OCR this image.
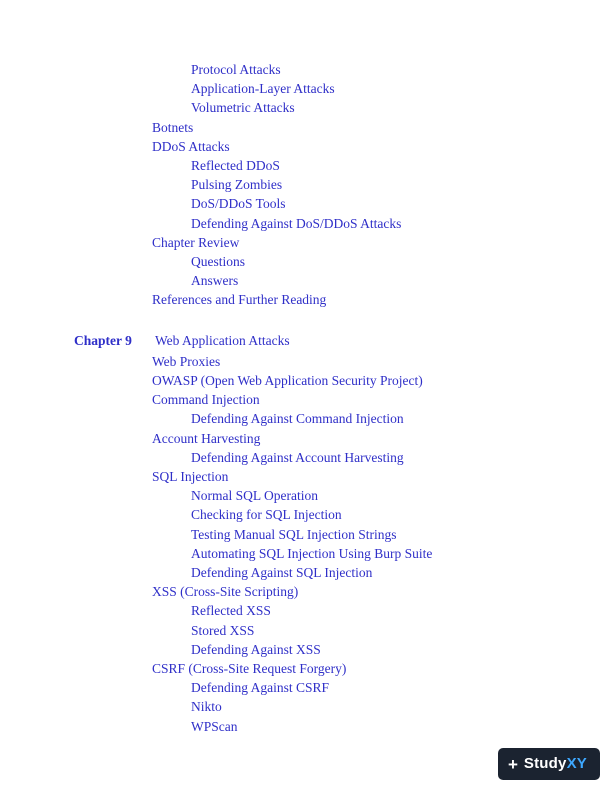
Protocol Attacks
Application-Layer Attacks
Volumetric Attacks
Botnets
DDoS Attacks
Reflected DDoS
Pulsing Zombies
DoS/DDoS Tools
Defending Against DoS/DDoS Attacks
Chapter Review
Questions
Answers
References and Further Reading
Chapter 9 Web Application Attacks
Web Proxies
OWASP (Open Web Application Security Project)
Command Injection
Defending Against Command Injection
Account Harvesting
Defending Against Account Harvesting
SQL Injection
Normal SQL Operation
Checking for SQL Injection
Testing Manual SQL Injection Strings
Automating SQL Injection Using Burp Suite
Defending Against SQL Injection
XSS (Cross-Site Scripting)
Reflected XSS
Stored XSS
Defending Against XSS
CSRF (Cross-Site Request Forgery)
Defending Against CSRF
Nikto
WPScan
+ StudyXY
